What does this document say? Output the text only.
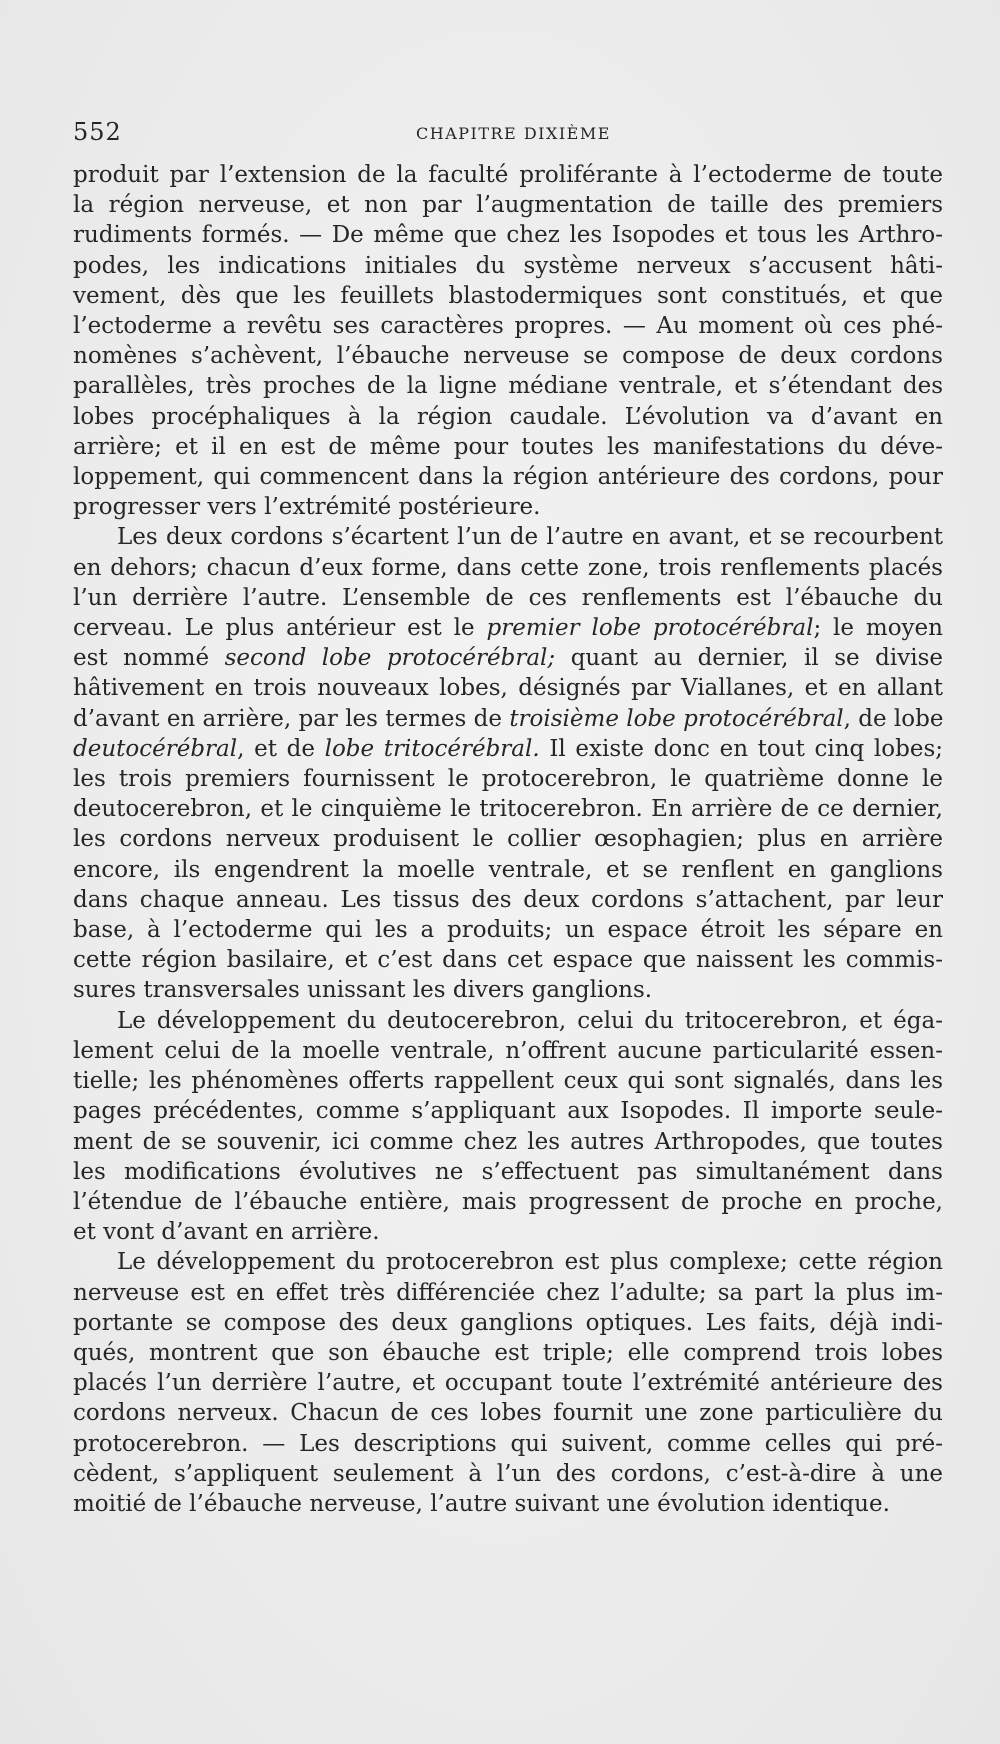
552	CHAPITRE DIXIÈME
produit par l’extension de la faculté proliférante à l’ectoderme de toute
la région nerveuse, et non par l’augmentation de taille des premiers
rudiments formés. — De même que chez les Isopodes et tous les Arthro-
podes, les indications initiales du système nerveux s’accusent hâti-
vement, dès que les feuillets blastodermiques sont constitués, et que
l’ectoderme a revêtu ses caractères propres. — Au moment où ces phé-
nomènes s’achèvent, l’ébauche nerveuse se compose de deux cordons
parallèles, très proches de la ligne médiane ventrale, et s’étendant des
lobes procéphaliques à la région caudale. L’évolution va d’avant en
arrière; et il en est de même pour toutes les manifestations du déve-
loppement, qui commencent dans la région antérieure des cordons, pour
progresser vers l’extrémité postérieure.
Les deux cordons s’écartent l’un de l’autre en avant, et se recourbent
en dehors; chacun d’eux forme, dans cette zone, trois renflements placés
l’un derrière l’autre. L’ensemble de ces renflements est l’ébauche du
cerveau. Le plus antérieur est le premier lobe protocérébral; le moyen
est nommé second lobe protocérébral; quant au dernier, il se divise
hâtivement en trois nouveaux lobes, désignés par Viallanes, et en allant
d’avant en arrière, par les termes de troisième lobe protocérébral, de lobe
deutocérébral, et de lobe tritocérébral. Il existe donc en tout cinq lobes;
les trois premiers fournissent le protocerebron, le quatrième donne le
deutocerebron, et le cinquième le tritocerebron. En arrière de ce dernier,
les cordons nerveux produisent le collier œsophagien; plus en arrière
encore, ils engendrent la moelle ventrale, et se renflent en ganglions
dans chaque anneau. Les tissus des deux cordons s’attachent, par leur
base, à l’ectoderme qui les a produits; un espace étroit les sépare en
cette région basilaire, et c’est dans cet espace que naissent les commis-
sures transversales unissant les divers ganglions.
Le développement du deutocerebron, celui du tritocerebron, et éga-
lement celui de la moelle ventrale, n’offrent aucune particularité essen-
tielle; les phénomènes offerts rappellent ceux qui sont signalés, dans les
pages précédentes, comme s’appliquant aux Isopodes. Il importe seule-
ment de se souvenir, ici comme chez les autres Arthropodes, que toutes
les modifications évolutives ne s’effectuent pas simultanément dans
l’étendue de l’ébauche entière, mais progressent de proche en proche,
et vont d’avant en arrière.
Le développement du protocerebron est plus complexe; cette région
nerveuse est en effet très différenciée chez l’adulte; sa part la plus im-
portante se compose des deux ganglions optiques. Les faits, déjà indi-
qués, montrent que son ébauche est triple; elle comprend trois lobes
placés l’un derrière l’autre, et occupant toute l’extrémité antérieure des
cordons nerveux. Chacun de ces lobes fournit une zone particulière du
protocerebron. — Les descriptions qui suivent, comme celles qui pré-
cèdent, s’appliquent seulement à l’un des cordons, c’est-à-dire à une
moitié de l’ébauche nerveuse, l’autre suivant une évolution identique.
